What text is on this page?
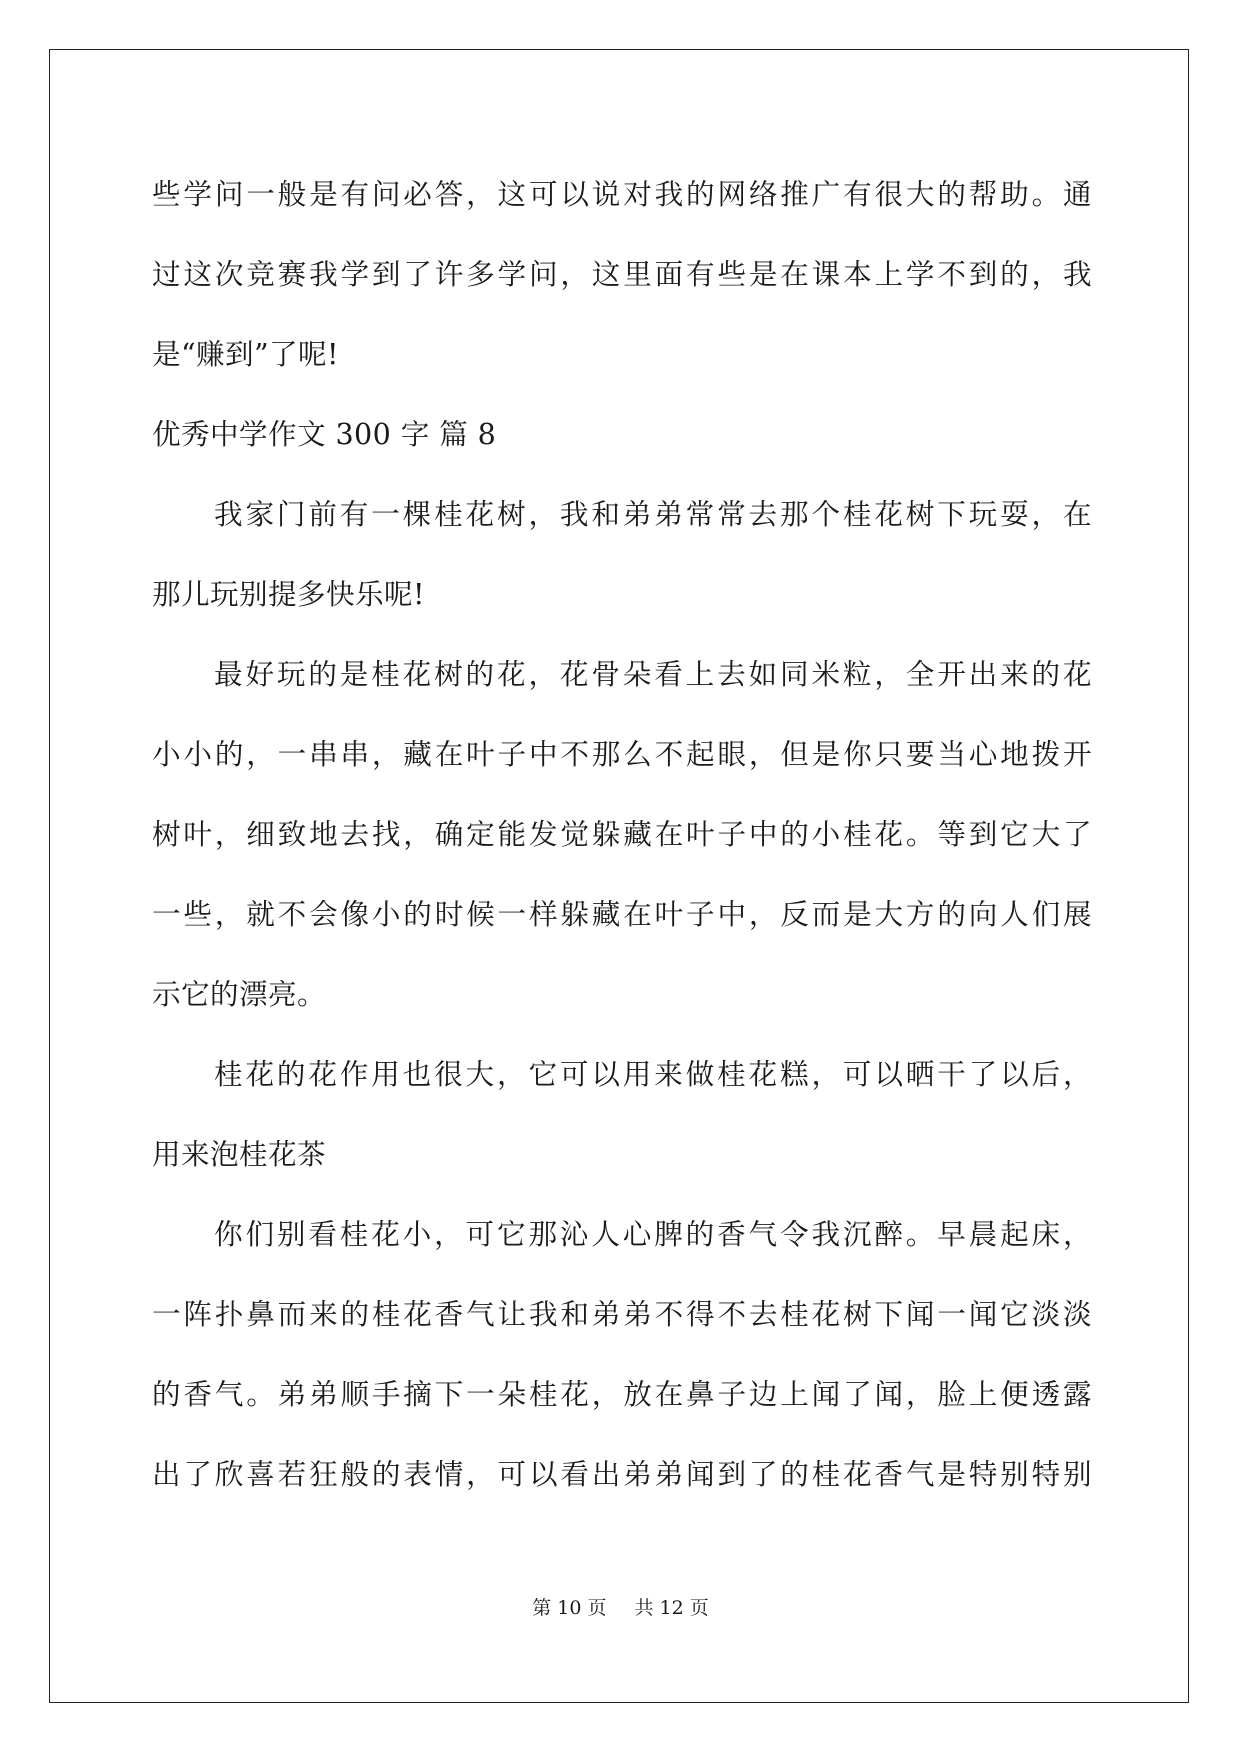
些学问一般是有问必答，这可以说对我的网络推广有很大的帮助。通
过这次竞赛我学到了许多学问，这里面有些是在课本上学不到的，我
是“赚到”了呢!
优秀中学作文 300 字 篇 8
我家门前有一棵桂花树，我和弟弟常常去那个桂花树下玩耍，在
那儿玩别提多快乐呢!
最好玩的是桂花树的花，花骨朵看上去如同米粒，全开出来的花
小小的，一串串，藏在叶子中不那么不起眼，但是你只要当心地拨开
树叶，细致地去找，确定能发觉躲藏在叶子中的小桂花。等到它大了
一些，就不会像小的时候一样躲藏在叶子中，反而是大方的向人们展
示它的漂亮。
桂花的花作用也很大，它可以用来做桂花糕，可以晒干了以后，
用来泡桂花茶
你们别看桂花小，可它那沁人心脾的香气令我沉醉。早晨起床，
一阵扑鼻而来的桂花香气让我和弟弟不得不去桂花树下闻一闻它淡淡
的香气。弟弟顺手摘下一朵桂花，放在鼻子边上闻了闻，脸上便透露
出了欣喜若狂般的表情，可以看出弟弟闻到了的桂花香气是特别特别
第 10 页 共 12 页
